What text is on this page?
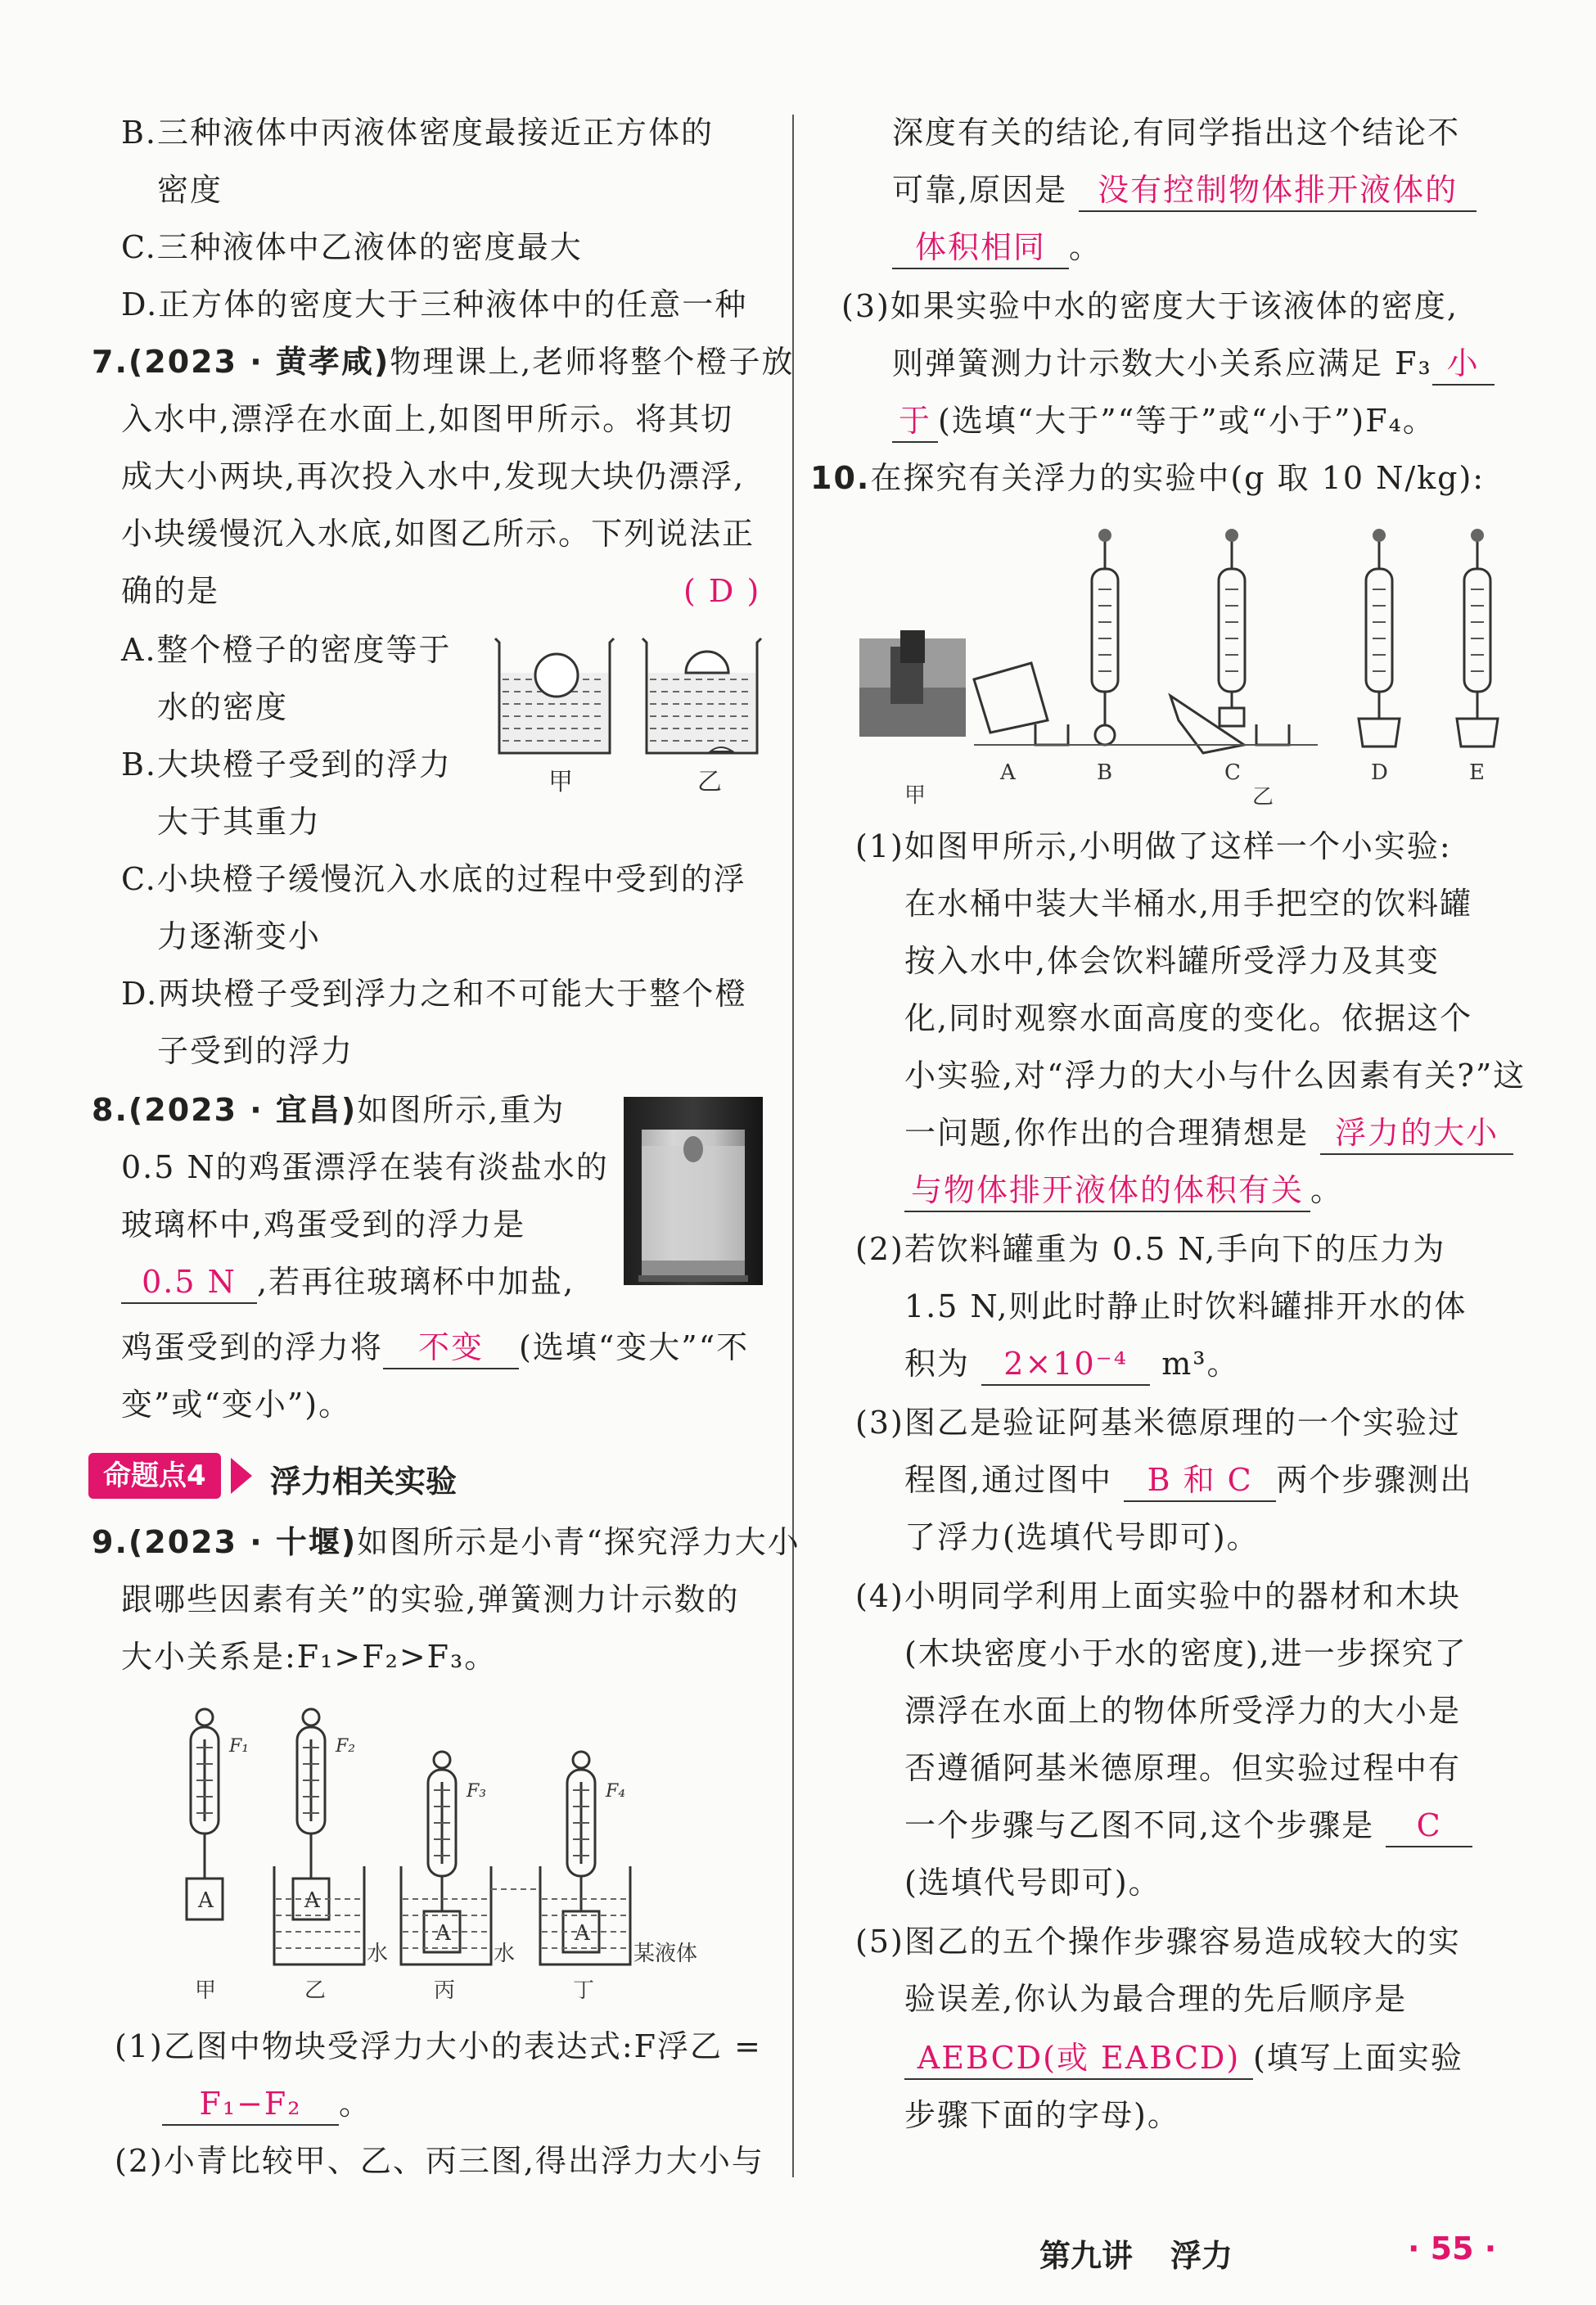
B.三种液体中丙液体密度最接近正方体的
密度
C.三种液体中乙液体的密度最大
D.正方体的密度大于三种液体中的任意一种
7.(2023 · 黄孝咸)物理课上,老师将整个橙子放
入水中,漂浮在水面上,如图甲所示。将其切
成大小两块,再次投入水中,发现大块仍漂浮,
小块缓慢沉入水底,如图乙所示。下列说法正
确的是	( D )
A.整个橙子的密度等于
水的密度
B.大块橙子受到的浮力
大于其重力
甲	乙
C.小块橙子缓慢沉入水底的过程中受到的浮
力逐渐变小
D.两块橙子受到浮力之和不可能大于整个橙
子受到的浮力
8.(2023 · 宜昌)如图所示,重为
0.5 N的鸡蛋漂浮在装有淡盐水的
玻璃杯中,鸡蛋受到的浮力是
0.5 N ,若再往玻璃杯中加盐,
鸡蛋受到的浮力将 不变 (选填“变大”“不
变”或“变小”)。
命题点4	浮力相关实验
9.(2023 · 十堰)如图所示是小青“探究浮力大小
跟哪些因素有关”的实验,弹簧测力计示数的
大小关系是:F₁>F₂>F₃。
A	A
A	A
F₁	F₂
F₃	F₄
水	水	某液体
甲	乙	丙	丁
(1)乙图中物块受浮力大小的表达式:F浮乙 =
F₁−F₂ 。
(2)小青比较甲、乙、丙三图,得出浮力大小与
深度有关的结论,有同学指出这个结论不
可靠,原因是 没有控制物体排开液体的
体积相同 。
(3)如果实验中水的密度大于该液体的密度,
则弹簧测力计示数大小关系应满足 F₃ 小
于 (选填“大于”“等于”或“小于”)F₄。
10.在探究有关浮力的实验中(g 取 10 N/kg):
A	B	C	D	E
甲	乙
(1)如图甲所示,小明做了这样一个小实验:
在水桶中装大半桶水,用手把空的饮料罐
按入水中,体会饮料罐所受浮力及其变
化,同时观察水面高度的变化。依据这个
小实验,对“浮力的大小与什么因素有关?”这
一问题,你作出的合理猜想是 浮力的大小
与物体排开液体的体积有关 。
(2)若饮料罐重为 0.5 N,手向下的压力为
1.5 N,则此时静止时饮料罐排开水的体
积为 2×10⁻⁴ m³。
(3)图乙是验证阿基米德原理的一个实验过
程图,通过图中 B 和 C 两个步骤测出
了浮力(选填代号即可)。
(4)小明同学利用上面实验中的器材和木块
(木块密度小于水的密度),进一步探究了
漂浮在水面上的物体所受浮力的大小是
否遵循阿基米德原理。但实验过程中有
一个步骤与乙图不同,这个步骤是 C
(选填代号即可)。
(5)图乙的五个操作步骤容易造成较大的实
验误差,你认为最合理的先后顺序是
AEBCD(或 EABCD) (填写上面实验
步骤下面的字母)。
第九讲 浮力	· 55 ·
